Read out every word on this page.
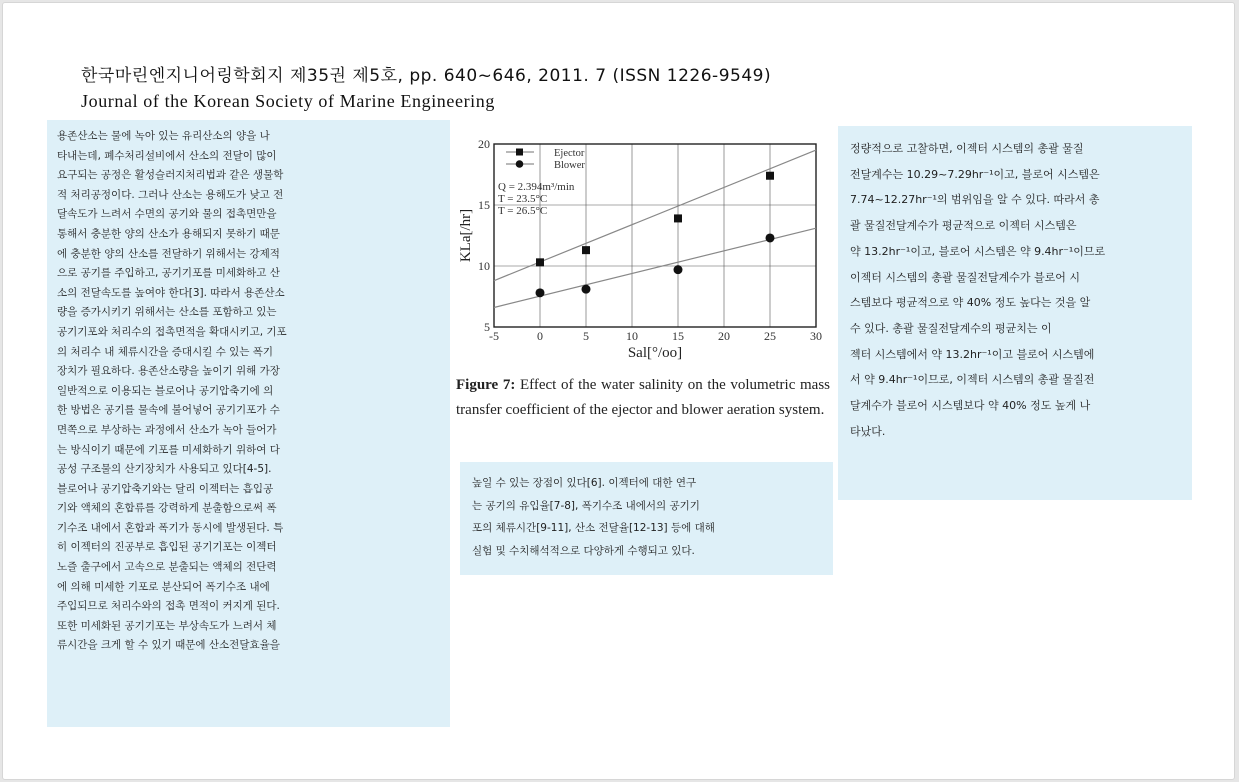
한국마린엔지니어링학회지 제35권 제5호, pp. 640~646, 2011. 7 (ISSN 1226-9549)
Journal of the Korean Society of Marine Engineering

용존산소는 물에 녹아 있는 유리산소의 양을 나

타내는데, 폐수처리설비에서 산소의 전달이 많이

요구되는 공정은 활성슬러지처리법과 같은 생물학

적 처리공정이다. 그러나 산소는 용해도가 낮고 전

달속도가 느려서 수면의 공기와 물의 접촉면만을

통해서 충분한 양의 산소가 용해되지 못하기 때문

에 충분한 양의 산소를 전달하기 위해서는 강제적

으로 공기를 주입하고, 공기기포를 미세화하고 산

소의 전달속도를 높여야 한다[3]. 따라서 용존산소

량을 증가시키기 위해서는 산소를 포함하고 있는

공기기포와 처리수의 접촉면적을 확대시키고, 기포

의 처리수 내 체류시간을 증대시킬 수 있는 폭기

장치가 필요하다. 용존산소량을 높이기 위해 가장

일반적으로 이용되는 블로어나 공기압축기에 의

한 방법은 공기를 물속에 불어넣어 공기기포가 수

면쪽으로 부상하는 과정에서 산소가 녹아 들어가

는 방식이기 때문에 기포를 미세화하기 위하여 다

공성 구조물의 산기장치가 사용되고 있다[4-5].

블로어나 공기압축기와는 달리 이젝터는 흡입공

기와 액체의 혼합류를 강력하게 분출함으로써 폭

기수조 내에서 혼합과 폭기가 동시에 발생된다. 특

히 이젝터의 진공부로 흡입된 공기기포는 이젝터

노즐 출구에서 고속으로 분출되는 액체의 전단력

에 의해 미세한 기포로 분산되어 폭기수조 내에

주입되므로 처리수와의 접촉 면적이 커지게 된다.

또한 미세화된 공기기포는 부상속도가 느려서 체

류시간을 크게 할 수 있기 때문에 산소전달효율을

-5	0	5	10	15	20	25	30
5
10
15
20
Sal[°/oo]
KLa[/hr]
Ejector
Blower
Q = 2.394m³/min
T = 23.5°C
T = 26.5°C
Figure 7: Effect of the water salinity on the volumetric mass transfer coefficient of the ejector and blower aeration system.

높일 수 있는 장점이 있다[6]. 이젝터에 대한 연구

는 공기의 유입율[7-8], 폭기수조 내에서의 공기기

포의 체류시간[9-11], 산소 전달율[12-13] 등에 대해

실험 및 수치해석적으로 다양하게 수행되고 있다.

정량적으로 고찰하면, 이젝터 시스템의 총괄 물질

전달계수는 10.29~7.29hr⁻¹이고, 블로어 시스템은

7.74~12.27hr⁻¹의 범위임을 알 수 있다. 따라서 총

괄 물질전달계수가 평균적으로 이젝터 시스템은

약 13.2hr⁻¹이고, 블로어 시스템은 약 9.4hr⁻¹이므로

이젝터 시스템의 총괄 물질전달계수가 블로어 시

스템보다 평균적으로 약 40% 정도 높다는 것을 알

수 있다. 총괄 물질전달계수의 평균치는 이

젝터 시스템에서 약 13.2hr⁻¹이고 블로어 시스템에

서 약 9.4hr⁻¹이므로, 이젝터 시스템의 총괄 물질전

달계수가 블로어 시스템보다 약 40% 정도 높게 나

타났다.
